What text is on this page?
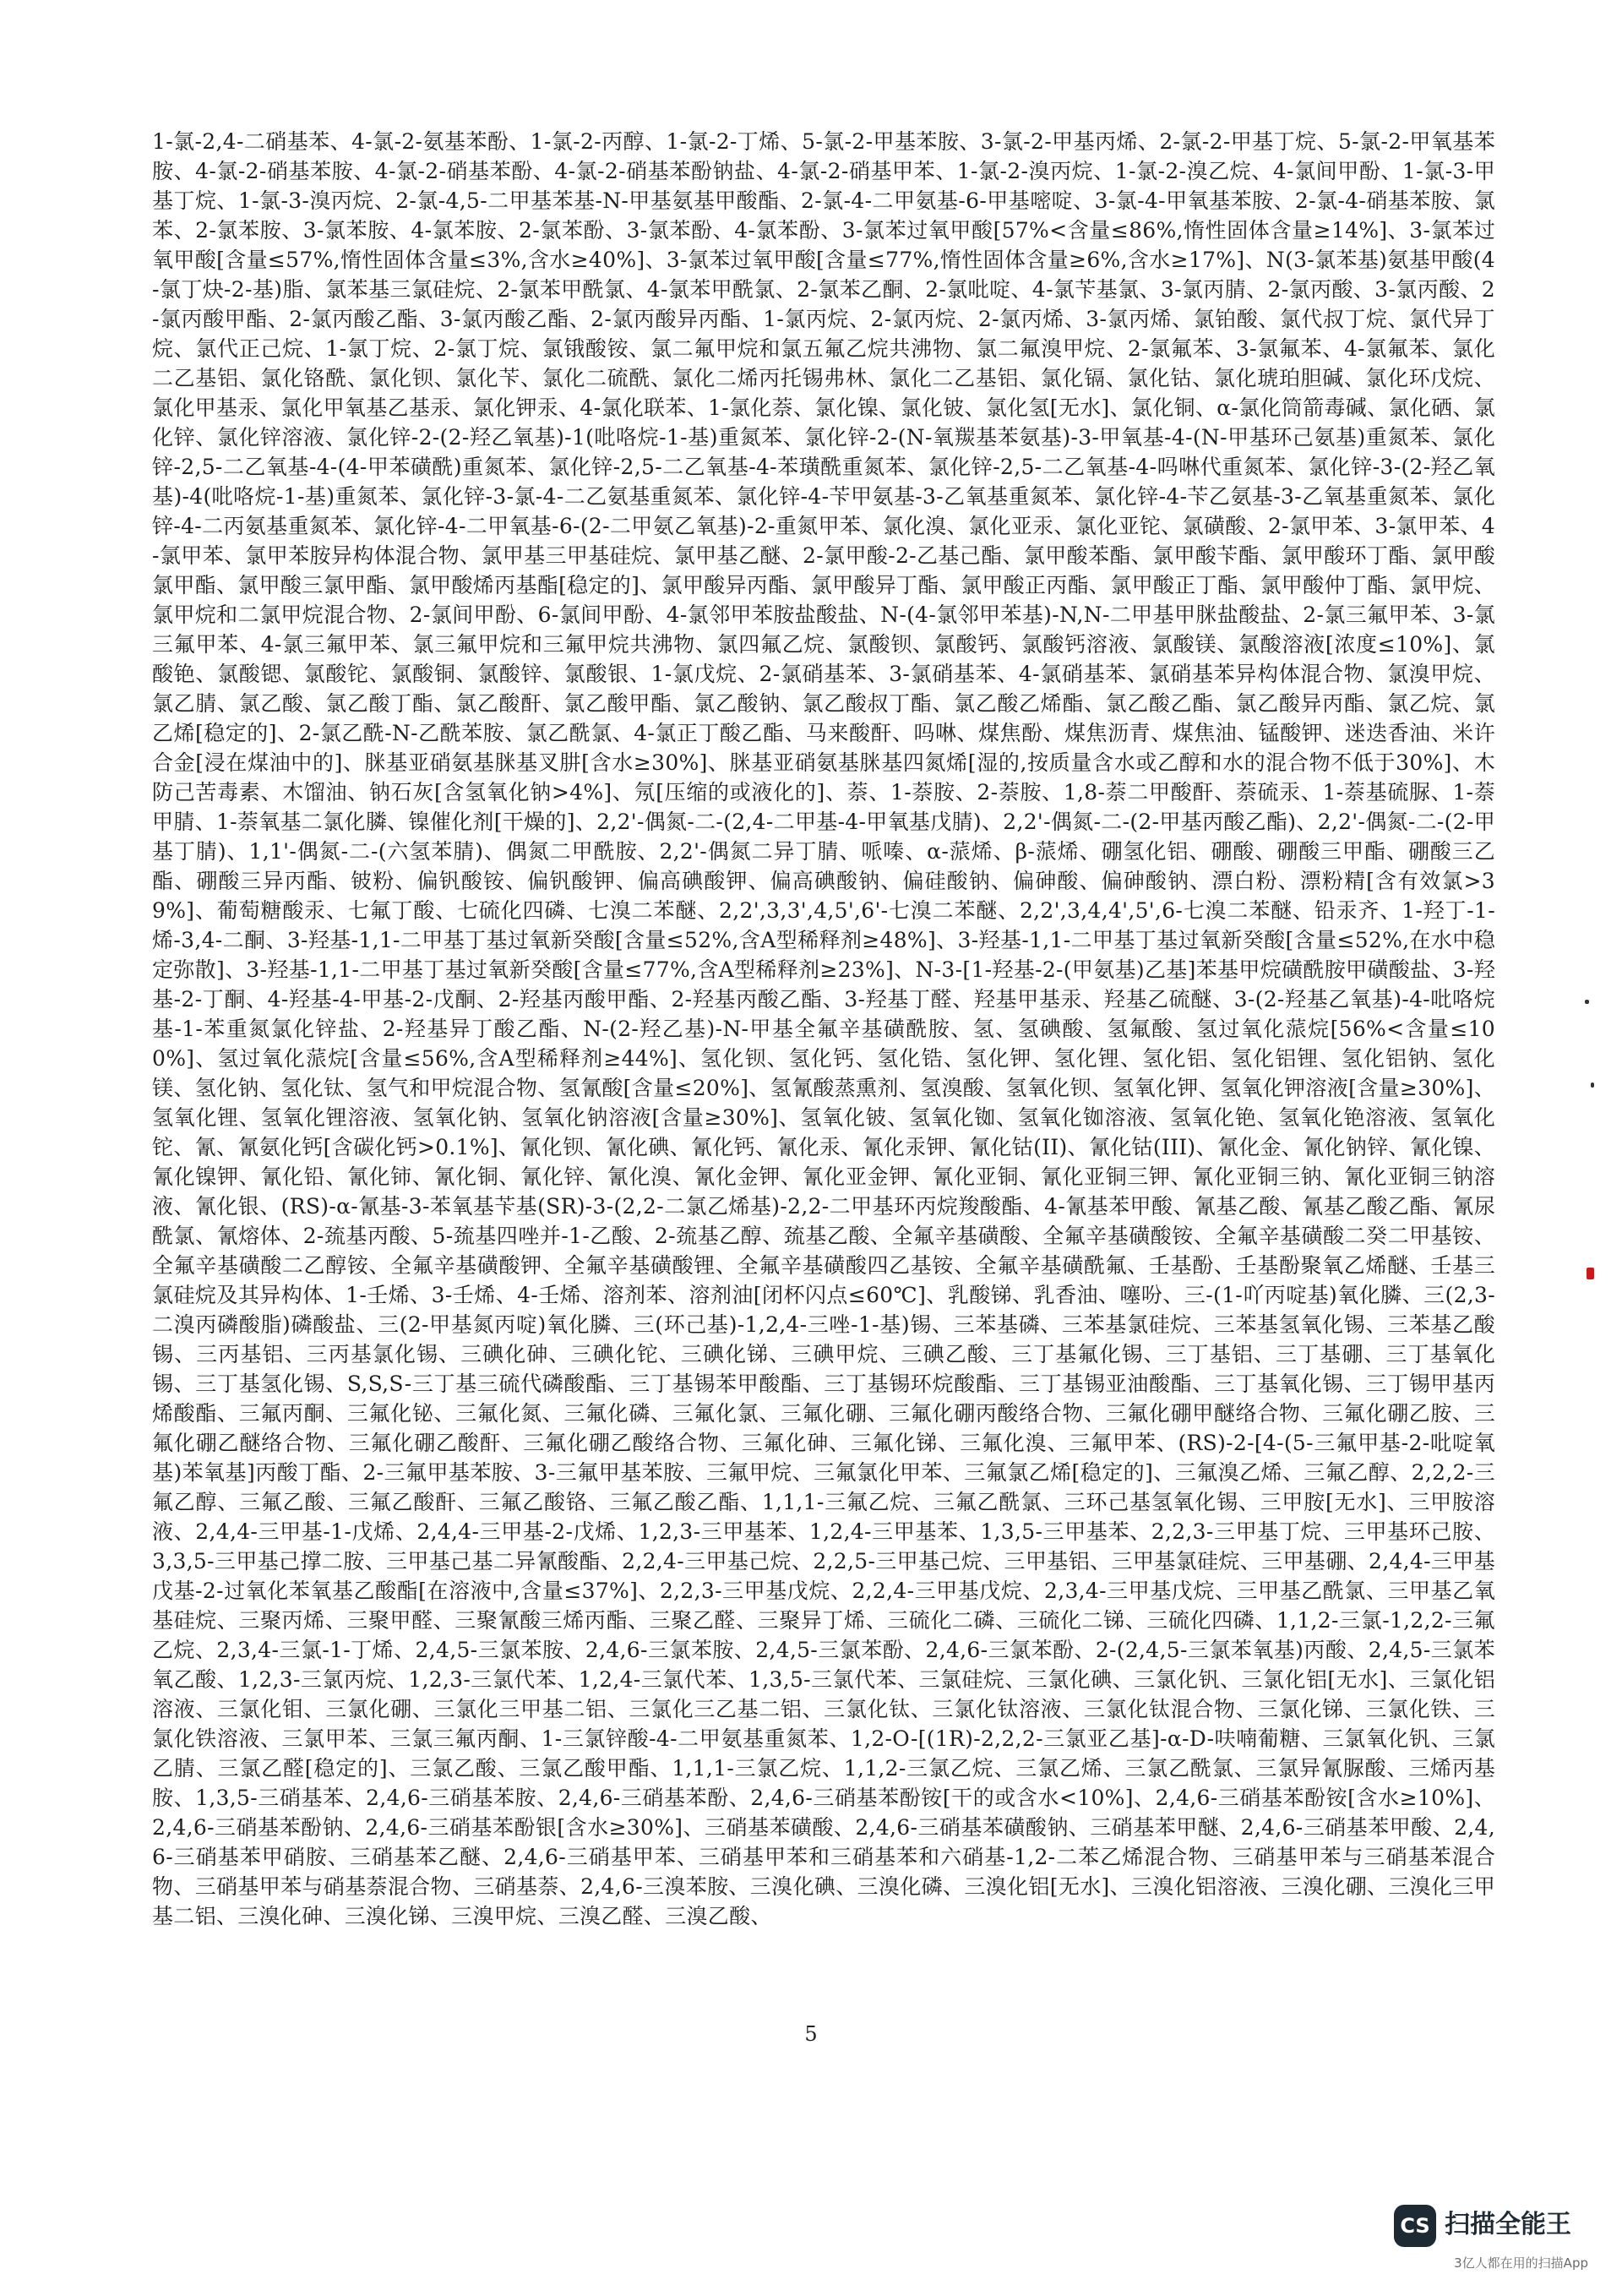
1-氯-2,4-二硝基苯、4-氯-2-氨基苯酚、1-氯-2-丙醇、1-氯-2-丁烯、5-氯-2-甲基苯胺、3-氯-2-甲基丙烯、2-氯-2-甲基丁烷、5-氯-2-甲氧基苯胺、4-氯-2-硝基苯胺、4-氯-2-硝基苯酚、4-氯-2-硝基苯酚钠盐、4-氯-2-硝基甲苯、1-氯-2-溴丙烷、1-氯-2-溴乙烷、4-氯间甲酚、1-氯-3-甲基丁烷、1-氯-3-溴丙烷、2-氯-4,5-二甲基苯基-N-甲基氨基甲酸酯、2-氯-4-二甲氨基-6-甲基嘧啶、3-氯-4-甲氧基苯胺、2-氯-4-硝基苯胺、氯苯、2-氯苯胺、3-氯苯胺、4-氯苯胺、2-氯苯酚、3-氯苯酚、4-氯苯酚、3-氯苯过氧甲酸[57%<含量≤86%,惰性固体含量≥14%]、3-氯苯过氧甲酸[含量≤57%,惰性固体含量≤3%,含水≥40%]、3-氯苯过氧甲酸[含量≤77%,惰性固体含量≥6%,含水≥17%]、N(3-氯苯基)氨基甲酸(4-氯丁炔-2-基)脂、氯苯基三氯硅烷、2-氯苯甲酰氯、4-氯苯甲酰氯、2-氯苯乙酮、2-氯吡啶、4-氯苄基氯、3-氯丙腈、2-氯丙酸、3-氯丙酸、2-氯丙酸甲酯、2-氯丙酸乙酯、3-氯丙酸乙酯、2-氯丙酸异丙酯、1-氯丙烷、2-氯丙烷、2-氯丙烯、3-氯丙烯、氯铂酸、氯代叔丁烷、氯代异丁烷、氯代正己烷、1-氯丁烷、2-氯丁烷、氯锇酸铵、氯二氟甲烷和氯五氟乙烷共沸物、氯二氟溴甲烷、2-氯氟苯、3-氯氟苯、4-氯氟苯、氯化二乙基铝、氯化铬酰、氯化钡、氯化苄、氯化二硫酰、氯化二烯丙托锡弗林、氯化二乙基铝、氯化镉、氯化钴、氯化琥珀胆碱、氯化环戊烷、氯化甲基汞、氯化甲氧基乙基汞、氯化钾汞、4-氯化联苯、1-氯化萘、氯化镍、氯化铍、氯化氢[无水]、氯化铜、α-氯化筒箭毒碱、氯化硒、氯化锌、氯化锌溶液、氯化锌-2-(2-羟乙氧基)-1(吡咯烷-1-基)重氮苯、氯化锌-2-(N-氧羰基苯氨基)-3-甲氧基-4-(N-甲基环己氨基)重氮苯、氯化锌-2,5-二乙氧基-4-(4-甲苯磺酰)重氮苯、氯化锌-2,5-二乙氧基-4-苯璜酰重氮苯、氯化锌-2,5-二乙氧基-4-吗啉代重氮苯、氯化锌-3-(2-羟乙氧基)-4(吡咯烷-1-基)重氮苯、氯化锌-3-氯-4-二乙氨基重氮苯、氯化锌-4-苄甲氨基-3-乙氧基重氮苯、氯化锌-4-苄乙氨基-3-乙氧基重氮苯、氯化锌-4-二丙氨基重氮苯、氯化锌-4-二甲氧基-6-(2-二甲氨乙氧基)-2-重氮甲苯、氯化溴、氯化亚汞、氯化亚铊、氯磺酸、2-氯甲苯、3-氯甲苯、4-氯甲苯、氯甲苯胺异构体混合物、氯甲基三甲基硅烷、氯甲基乙醚、2-氯甲酸-2-乙基己酯、氯甲酸苯酯、氯甲酸苄酯、氯甲酸环丁酯、氯甲酸氯甲酯、氯甲酸三氯甲酯、氯甲酸烯丙基酯[稳定的]、氯甲酸异丙酯、氯甲酸异丁酯、氯甲酸正丙酯、氯甲酸正丁酯、氯甲酸仲丁酯、氯甲烷、氯甲烷和二氯甲烷混合物、2-氯间甲酚、6-氯间甲酚、4-氯邻甲苯胺盐酸盐、N-(4-氯邻甲苯基)-N,N-二甲基甲脒盐酸盐、2-氯三氟甲苯、3-氯三氟甲苯、4-氯三氟甲苯、氯三氟甲烷和三氟甲烷共沸物、氯四氟乙烷、氯酸钡、氯酸钙、氯酸钙溶液、氯酸镁、氯酸溶液[浓度≤10%]、氯酸铯、氯酸锶、氯酸铊、氯酸铜、氯酸锌、氯酸银、1-氯戊烷、2-氯硝基苯、3-氯硝基苯、4-氯硝基苯、氯硝基苯异构体混合物、氯溴甲烷、氯乙腈、氯乙酸、氯乙酸丁酯、氯乙酸酐、氯乙酸甲酯、氯乙酸钠、氯乙酸叔丁酯、氯乙酸乙烯酯、氯乙酸乙酯、氯乙酸异丙酯、氯乙烷、氯乙烯[稳定的]、2-氯乙酰-N-乙酰苯胺、氯乙酰氯、4-氯正丁酸乙酯、马来酸酐、吗啉、煤焦酚、煤焦沥青、煤焦油、锰酸钾、迷迭香油、米许合金[浸在煤油中的]、脒基亚硝氨基脒基叉肼[含水≥30%]、脒基亚硝氨基脒基四氮烯[湿的,按质量含水或乙醇和水的混合物不低于30%]、木防己苦毒素、木馏油、钠石灰[含氢氧化钠>4%]、氖[压缩的或液化的]、萘、1-萘胺、2-萘胺、1,8-萘二甲酸酐、萘硫汞、1-萘基硫脲、1-萘甲腈、1-萘氧基二氯化膦、镍催化剂[干燥的]、2,2'-偶氮-二-(2,4-二甲基-4-甲氧基戊腈)、2,2'-偶氮-二-(2-甲基丙酸乙酯)、2,2'-偶氮-二-(2-甲基丁腈)、1,1'-偶氮-二-(六氢苯腈)、偶氮二甲酰胺、2,2'-偶氮二异丁腈、哌嗪、α-蒎烯、β-蒎烯、硼氢化铝、硼酸、硼酸三甲酯、硼酸三乙酯、硼酸三异丙酯、铍粉、偏钒酸铵、偏钒酸钾、偏高碘酸钾、偏高碘酸钠、偏硅酸钠、偏砷酸、偏砷酸钠、漂白粉、漂粉精[含有效氯>39%]、葡萄糖酸汞、七氟丁酸、七硫化四磷、七溴二苯醚、2,2',3,3',4,5',6'-七溴二苯醚、2,2',3,4,4',5',6-七溴二苯醚、铅汞齐、1-羟丁-1-烯-3,4-二酮、3-羟基-1,1-二甲基丁基过氧新癸酸[含量≤52%,含A型稀释剂≥48%]、3-羟基-1,1-二甲基丁基过氧新癸酸[含量≤52%,在水中稳定弥散]、3-羟基-1,1-二甲基丁基过氧新癸酸[含量≤77%,含A型稀释剂≥23%]、N-3-[1-羟基-2-(甲氨基)乙基]苯基甲烷磺酰胺甲磺酸盐、3-羟基-2-丁酮、4-羟基-4-甲基-2-戊酮、2-羟基丙酸甲酯、2-羟基丙酸乙酯、3-羟基丁醛、羟基甲基汞、羟基乙硫醚、3-(2-羟基乙氧基)-4-吡咯烷基-1-苯重氮氯化锌盐、2-羟基异丁酸乙酯、N-(2-羟乙基)-N-甲基全氟辛基磺酰胺、氢、氢碘酸、氢氟酸、氢过氧化蒎烷[56%<含量≤100%]、氢过氧化蒎烷[含量≤56%,含A型稀释剂≥44%]、氢化钡、氢化钙、氢化锆、氢化钾、氢化锂、氢化铝、氢化铝锂、氢化铝钠、氢化镁、氢化钠、氢化钛、氢气和甲烷混合物、氢氰酸[含量≤20%]、氢氰酸蒸熏剂、氢溴酸、氢氧化钡、氢氧化钾、氢氧化钾溶液[含量≥30%]、氢氧化锂、氢氧化锂溶液、氢氧化钠、氢氧化钠溶液[含量≥30%]、氢氧化铍、氢氧化铷、氢氧化铷溶液、氢氧化铯、氢氧化铯溶液、氢氧化铊、氰、氰氨化钙[含碳化钙>0.1%]、氰化钡、氰化碘、氰化钙、氰化汞、氰化汞钾、氰化钴(II)、氰化钴(III)、氰化金、氰化钠锌、氰化镍、氰化镍钾、氰化铅、氰化铈、氰化铜、氰化锌、氰化溴、氰化金钾、氰化亚金钾、氰化亚铜、氰化亚铜三钾、氰化亚铜三钠、氰化亚铜三钠溶液、氰化银、(RS)-α-氰基-3-苯氧基苄基(SR)-3-(2,2-二氯乙烯基)-2,2-二甲基环丙烷羧酸酯、4-氰基苯甲酸、氰基乙酸、氰基乙酸乙酯、氰尿酰氯、氰熔体、2-巯基丙酸、5-巯基四唑并-1-乙酸、2-巯基乙醇、巯基乙酸、全氟辛基磺酸、全氟辛基磺酸铵、全氟辛基磺酸二癸二甲基铵、全氟辛基磺酸二乙醇铵、全氟辛基磺酸钾、全氟辛基磺酸锂、全氟辛基磺酸四乙基铵、全氟辛基磺酰氟、壬基酚、壬基酚聚氧乙烯醚、壬基三氯硅烷及其异构体、1-壬烯、3-壬烯、4-壬烯、溶剂苯、溶剂油[闭杯闪点≤60℃]、乳酸锑、乳香油、噻吩、三-(1-吖丙啶基)氧化膦、三(2,3-二溴丙磷酸脂)磷酸盐、三(2-甲基氮丙啶)氧化膦、三(环己基)-1,2,4-三唑-1-基)锡、三苯基磷、三苯基氯硅烷、三苯基氢氧化锡、三苯基乙酸锡、三丙基铝、三丙基氯化锡、三碘化砷、三碘化铊、三碘化锑、三碘甲烷、三碘乙酸、三丁基氟化锡、三丁基铝、三丁基硼、三丁基氧化锡、三丁基氢化锡、S,S,S-三丁基三硫代磷酸酯、三丁基锡苯甲酸酯、三丁基锡环烷酸酯、三丁基锡亚油酸酯、三丁基氧化锡、三丁锡甲基丙烯酸酯、三氟丙酮、三氟化铋、三氟化氮、三氟化磷、三氟化氯、三氟化硼、三氟化硼丙酸络合物、三氟化硼甲醚络合物、三氟化硼乙胺、三氟化硼乙醚络合物、三氟化硼乙酸酐、三氟化硼乙酸络合物、三氟化砷、三氟化锑、三氟化溴、三氟甲苯、(RS)-2-[4-(5-三氟甲基-2-吡啶氧基)苯氧基]丙酸丁酯、2-三氟甲基苯胺、3-三氟甲基苯胺、三氟甲烷、三氟氯化甲苯、三氟氯乙烯[稳定的]、三氟溴乙烯、三氟乙醇、2,2,2-三氟乙醇、三氟乙酸、三氟乙酸酐、三氟乙酸铬、三氟乙酸乙酯、1,1,1-三氟乙烷、三氟乙酰氯、三环己基氢氧化锡、三甲胺[无水]、三甲胺溶液、2,4,4-三甲基-1-戊烯、2,4,4-三甲基-2-戊烯、1,2,3-三甲基苯、1,2,4-三甲基苯、1,3,5-三甲基苯、2,2,3-三甲基丁烷、三甲基环己胺、3,3,5-三甲基己撑二胺、三甲基己基二异氰酸酯、2,2,4-三甲基己烷、2,2,5-三甲基己烷、三甲基铝、三甲基氯硅烷、三甲基硼、2,4,4-三甲基戊基-2-过氧化苯氧基乙酸酯[在溶液中,含量≤37%]、2,2,3-三甲基戊烷、2,2,4-三甲基戊烷、2,3,4-三甲基戊烷、三甲基乙酰氯、三甲基乙氧基硅烷、三聚丙烯、三聚甲醛、三聚氰酸三烯丙酯、三聚乙醛、三聚异丁烯、三硫化二磷、三硫化二锑、三硫化四磷、1,1,2-三氯-1,2,2-三氟乙烷、2,3,4-三氯-1-丁烯、2,4,5-三氯苯胺、2,4,6-三氯苯胺、2,4,5-三氯苯酚、2,4,6-三氯苯酚、2-(2,4,5-三氯苯氧基)丙酸、2,4,5-三氯苯氧乙酸、1,2,3-三氯丙烷、1,2,3-三氯代苯、1,2,4-三氯代苯、1,3,5-三氯代苯、三氯硅烷、三氯化碘、三氯化钒、三氯化铝[无水]、三氯化铝溶液、三氯化钼、三氯化硼、三氯化三甲基二铝、三氯化三乙基二铝、三氯化钛、三氯化钛溶液、三氯化钛混合物、三氯化锑、三氯化铁、三氯化铁溶液、三氯甲苯、三氯三氟丙酮、1-三氯锌酸-4-二甲氨基重氮苯、1,2-O-[(1R)-2,2,2-三氯亚乙基]-α-D-呋喃葡糖、三氯氧化钒、三氯乙腈、三氯乙醛[稳定的]、三氯乙酸、三氯乙酸甲酯、1,1,1-三氯乙烷、1,1,2-三氯乙烷、三氯乙烯、三氯乙酰氯、三氯异氰脲酸、三烯丙基胺、1,3,5-三硝基苯、2,4,6-三硝基苯胺、2,4,6-三硝基苯酚、2,4,6-三硝基苯酚铵[干的或含水<10%]、2,4,6-三硝基苯酚铵[含水≥10%]、2,4,6-三硝基苯酚钠、2,4,6-三硝基苯酚银[含水≥30%]、三硝基苯磺酸、2,4,6-三硝基苯磺酸钠、三硝基苯甲醚、2,4,6-三硝基苯甲酸、2,4,6-三硝基苯甲硝胺、三硝基苯乙醚、2,4,6-三硝基甲苯、三硝基甲苯和三硝基苯和六硝基-1,2-二苯乙烯混合物、三硝基甲苯与三硝基苯混合物、三硝基甲苯与硝基萘混合物、三硝基萘、2,4,6-三溴苯胺、三溴化碘、三溴化磷、三溴化铝[无水]、三溴化铝溶液、三溴化硼、三溴化三甲基二铝、三溴化砷、三溴化锑、三溴甲烷、三溴乙醛、三溴乙酸、

5
CS 扫描全能王
3亿人都在用的扫描App
